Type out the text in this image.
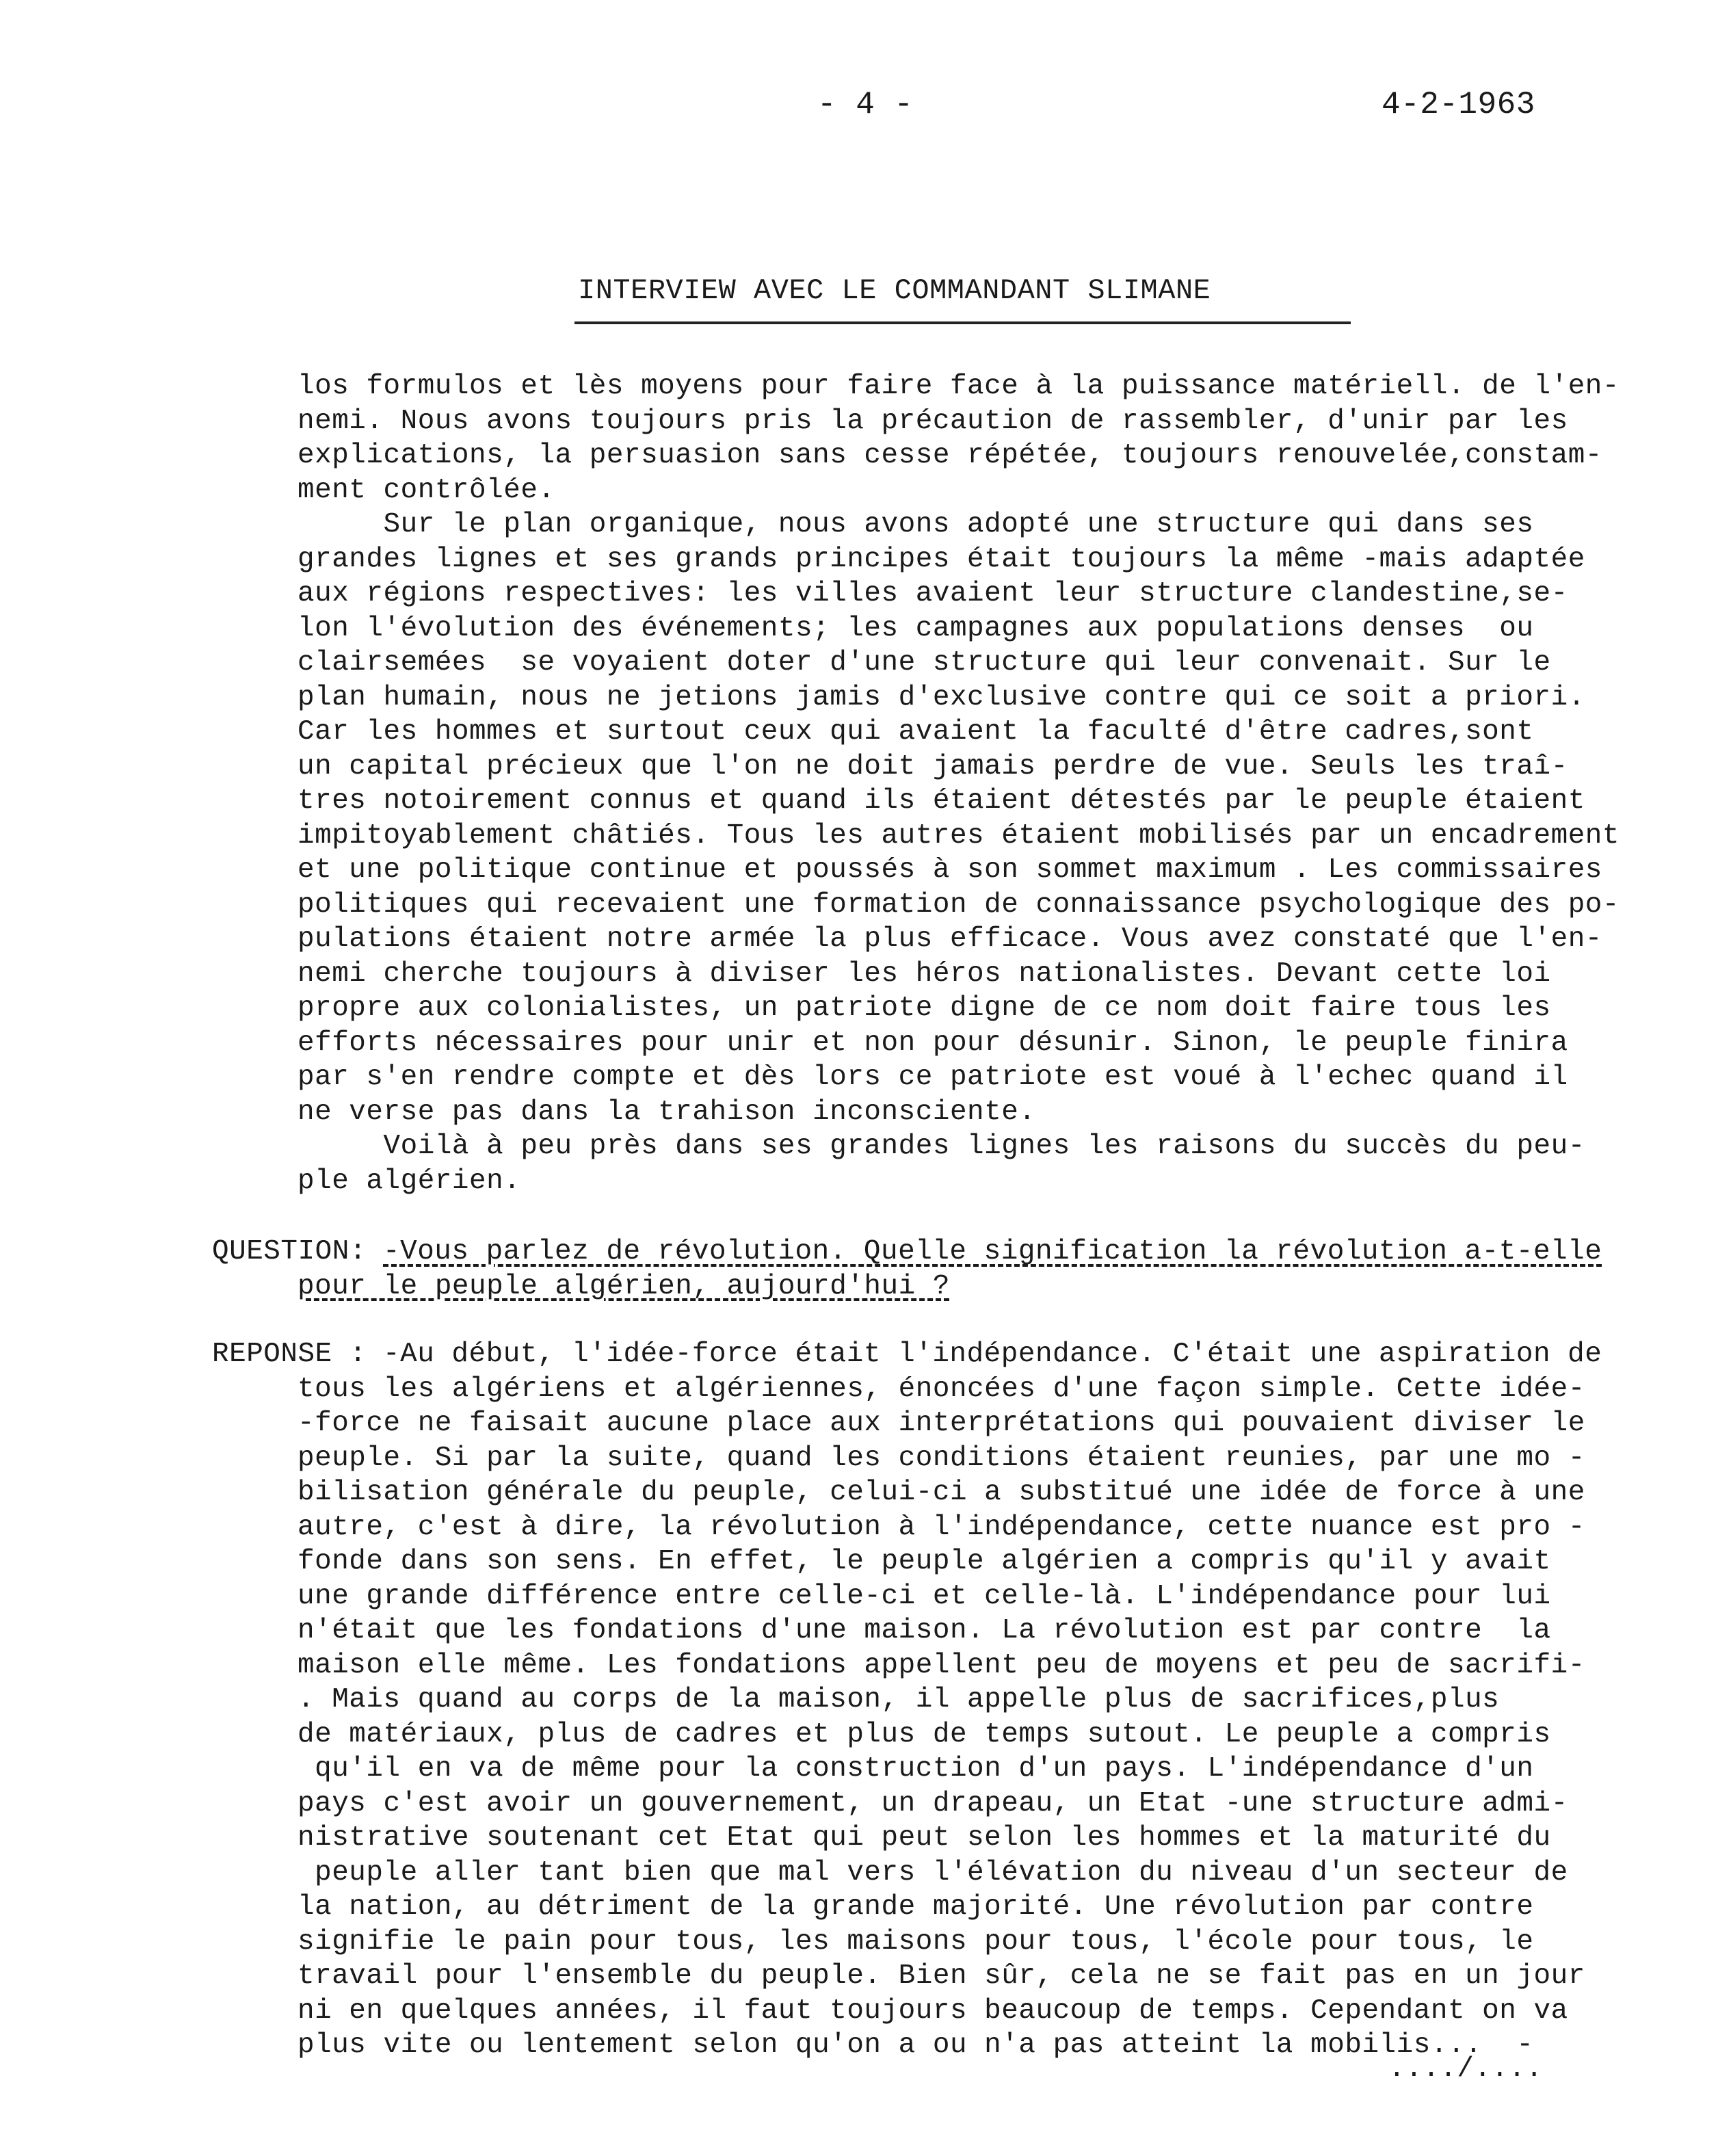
- 4 -	4-2-1963
INTERVIEW AVEC LE COMMANDANT SLIMANE
los formulos et lès moyens pour faire face à la puissance matériell. de l'en-
nemi. Nous avons toujours pris la précaution de rassembler, d'unir par les
explications, la persuasion sans cesse répétée, toujours renouvelée,constam-
ment contrôlée.
Sur le plan organique, nous avons adopté une structure qui dans ses
grandes lignes et ses grands principes était toujours la même -mais adaptée
aux régions respectives: les villes avaient leur structure clandestine,se-
lon l'évolution des événements; les campagnes aux populations denses  ou
clairsemées  se voyaient doter d'une structure qui leur convenait. Sur le
plan humain, nous ne jetions jamis d'exclusive contre qui ce soit a priori.
Car les hommes et surtout ceux qui avaient la faculté d'être cadres,sont
un capital précieux que l'on ne doit jamais perdre de vue. Seuls les traî-
tres notoirement connus et quand ils étaient détestés par le peuple étaient
impitoyablement châtiés. Tous les autres étaient mobilisés par un encadrement
et une politique continue et poussés à son sommet maximum . Les commissaires
politiques qui recevaient une formation de connaissance psychologique des po-
pulations étaient notre armée la plus efficace. Vous avez constaté que l'en-
nemi cherche toujours à diviser les héros nationalistes. Devant cette loi
propre aux colonialistes, un patriote digne de ce nom doit faire tous les
efforts nécessaires pour unir et non pour désunir. Sinon, le peuple finira
par s'en rendre compte et dès lors ce patriote est voué à l'echec quand il
ne verse pas dans la trahison inconsciente.
Voilà à peu près dans ses grandes lignes les raisons du succès du peu-
ple algérien.
QUESTION: -Vous parlez de révolution. Quelle signification la révolution a-t-elle
pour le peuple algérien, aujourd'hui ?
REPONSE : -Au début, l'idée-force était l'indépendance. C'était une aspiration de
tous les algériens et algériennes, énoncées d'une façon simple. Cette idée-
-force ne faisait aucune place aux interprétations qui pouvaient diviser le
peuple. Si par la suite, quand les conditions étaient reunies, par une mo -
bilisation générale du peuple, celui-ci a substitué une idée de force à une
autre, c'est à dire, la révolution à l'indépendance, cette nuance est pro -
fonde dans son sens. En effet, le peuple algérien a compris qu'il y avait
une grande différence entre celle-ci et celle-là. L'indépendance pour lui
n'était que les fondations d'une maison. La révolution est par contre  la
maison elle même. Les fondations appellent peu de moyens et peu de sacrifi-
. Mais quand au corps de la maison, il appelle plus de sacrifices,plus
de matériaux, plus de cadres et plus de temps sutout. Le peuple a compris
qu'il en va de même pour la construction d'un pays. L'indépendance d'un
pays c'est avoir un gouvernement, un drapeau, un Etat -une structure admi-
nistrative soutenant cet Etat qui peut selon les hommes et la maturité du
peuple aller tant bien que mal vers l'élévation du niveau d'un secteur de
la nation, au détriment de la grande majorité. Une révolution par contre
signifie le pain pour tous, les maisons pour tous, l'école pour tous, le
travail pour l'ensemble du peuple. Bien sûr, cela ne se fait pas en un jour
ni en quelques années, il faut toujours beaucoup de temps. Cependant on va
plus vite ou lentement selon qu'on a ou n'a pas atteint la mobilis...  -
..../....
